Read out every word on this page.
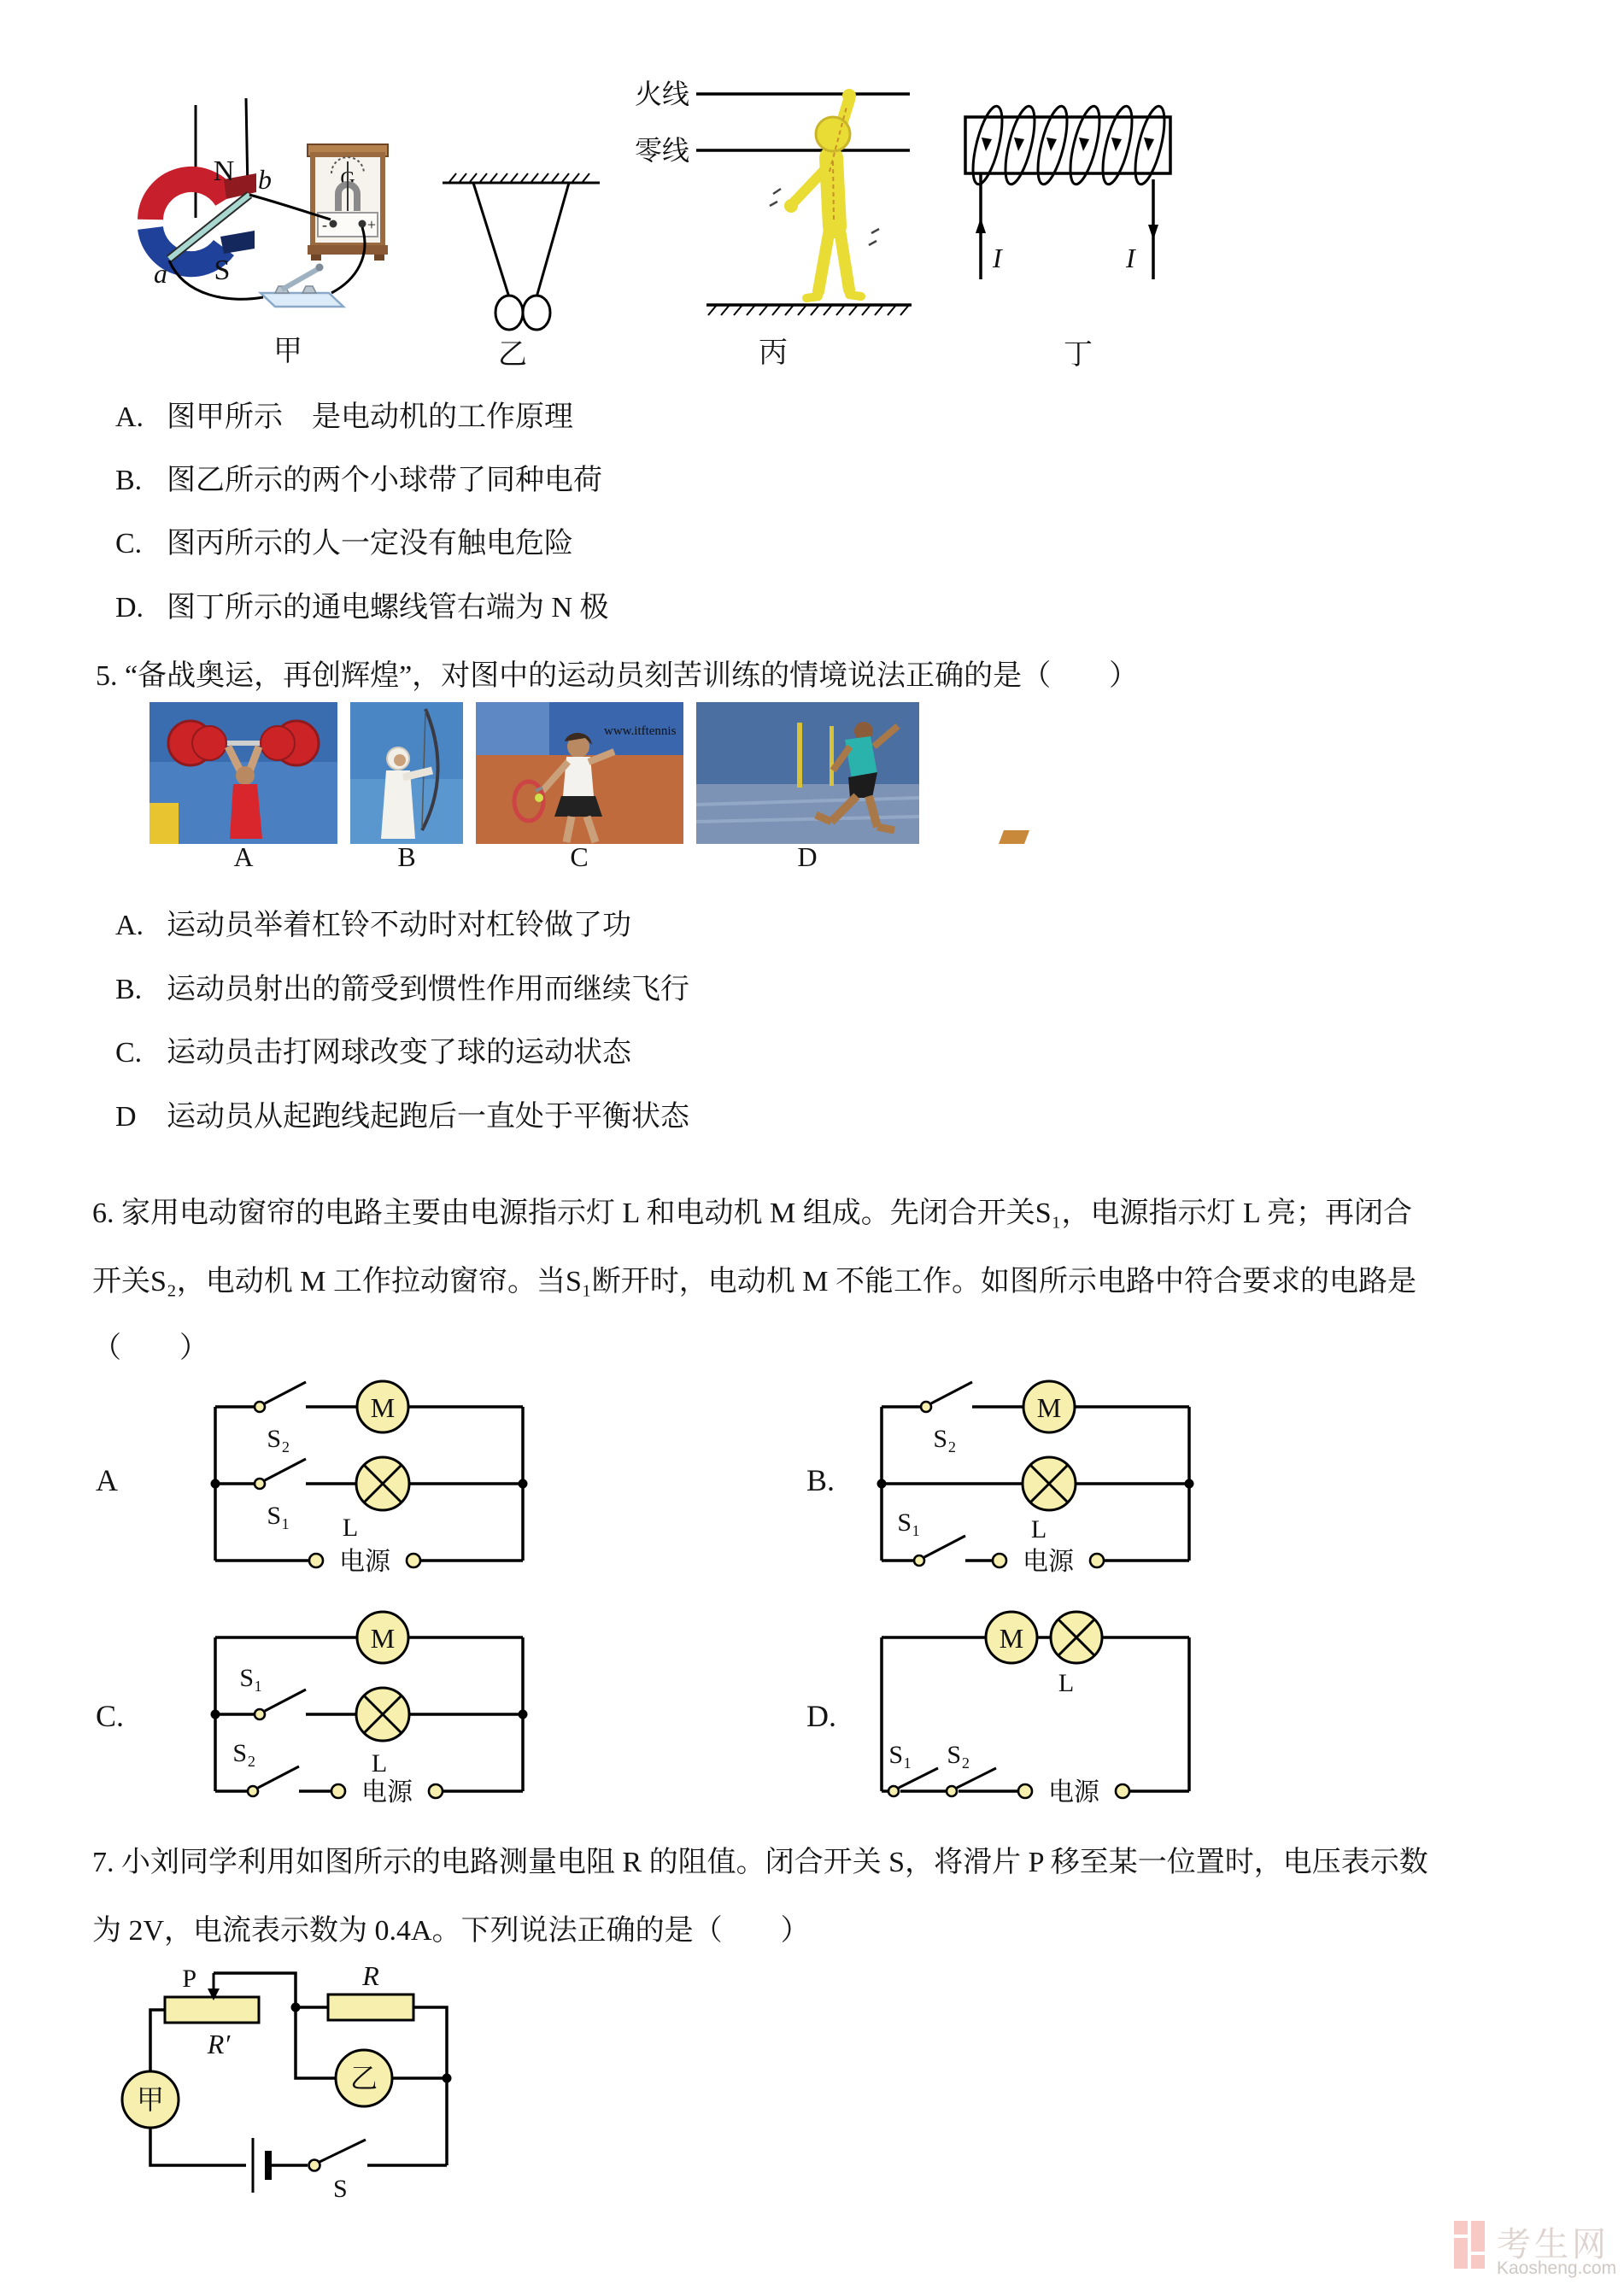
N
S
a
b	G
-	+
甲	乙
火线
零线
丙
I	I
丁
A. 图甲所示　是电动机的工作原理
B. 图乙所示的两个小球带了同种电荷
C. 图丙所示的人一定没有触电危险
D. 图丁所示的通电螺线管右端为 N 极
5. “备战奥运，再创辉煌”，对图中的运动员刻苦训练的情境说法正确的是（　　）
www.itftennis
A	B	C	D
A. 运动员举着杠铃不动时对杠铃做了功
B. 运动员射出的箭受到惯性作用而继续飞行
C. 运动员击打网球改变了球的运动状态
D	运动员从起跑线起跑后一直处于平衡状态
6. 家用电动窗帘的电路主要由电源指示灯 L 和电动机 M 组成。先闭合开关S₁，电源指示灯 L 亮；再闭合
开关S₂，电动机 M 工作拉动窗帘。当S₁断开时，电动机 M 不能工作。如图所示电路中符合要求的电路是
（　　）
A
M
S₂
S₁ L
电源
B.
M
S₂
L
S₁
电源
C.
M
S₁
L
S₂
电源
D.
M
L
S₁ S₂
电源
7. 小刘同学利用如图所示的电路测量电阻 R 的阻值。闭合开关 S，将滑片 P 移至某一位置时，电压表示数
为 2V，电流表示数为 0.4A。下列说法正确的是（　　）
P
R′
甲
S
R
乙
考生网
Kaosheng.com
